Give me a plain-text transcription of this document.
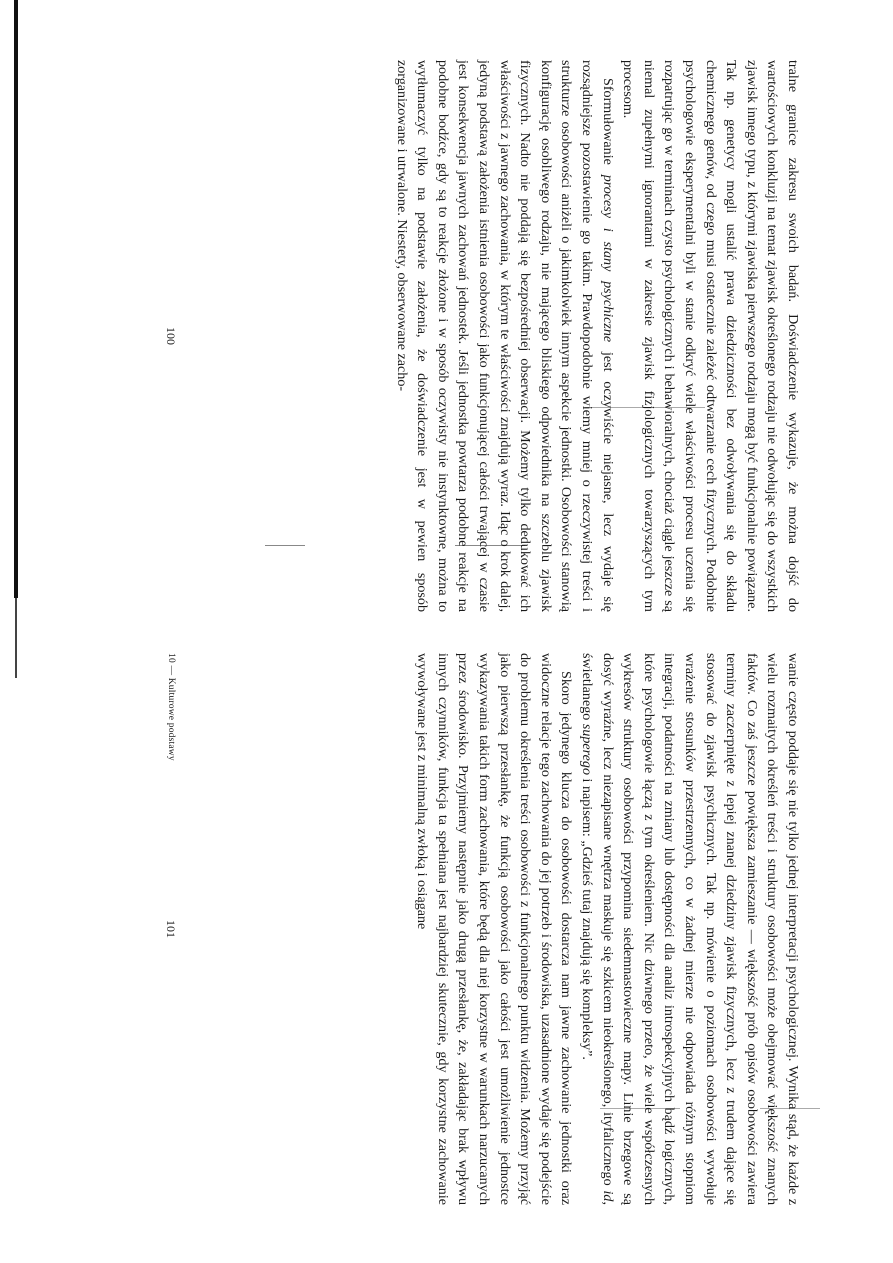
tralne granice zakresu swoich badań. Doświadczenie wykazuje, że można dojść do wartościowych konkluzji na temat zjawisk określonego rodzaju nie odwołując się do wszystkich zjawisk innego typu, z którymi zjawiska pierwszego rodzaju mogą być funkcjonalnie powiązane. Tak np. genetycy mogli ustalić prawa dziedziczności bez odwoływania się do składu chemicznego genów, od czego musi ostatecznie zależeć odtwarzanie cech fizycznych. Podobnie psychologowie eksperymentalni byli w stanie odkryć wiele właściwości procesu uczenia się rozpatrując go w terminach czysto psychologicznych i behawioralnych, chociaż ciągle jeszcze są niemal zupełnymi ignorantami w zakresie zjawisk fizjologicznych towarzyszących tym procesom.

Sformułowanie procesy i stany psychiczne jest oczywiście niejasne, lecz wydaje się rozsądniejsze pozostawienie go takim. Prawdopodobnie wiemy mniej o rzeczywistej treści i strukturze osobowości aniżeli o jakimkolwiek innym aspekcie jednostki. Osobowości stanowią konfigurację osobliwego rodzaju, nie mającego bliskiego odpowiednika na szczeblu zjawisk fizycznych. Nadto nie poddają się bezpośredniej obserwacji. Możemy tylko dedukować ich właściwości z jawnego zachowania, w którym te właściwości znajdują wyraz. Idąc o krok dalej, jedyną podstawą założenia istnienia osobowości jako funkcjonującej całości trwającej w czasie jest konsekwencja jawnych zachowań jednostek. Jeśli jednostka powtarza podobne reakcje na podobne bodźce, gdy są to reakcje złożone i w sposób oczywisty nie instynktowne, można to wytłumaczyć tylko na podstawie założenia, że doświadczenie jest w pewien sposób zorganizowane i utrwalone. Niestety, obserwowane zacho-

100

wanie często poddaje się nie tylko jednej interpretacji psychologicznej. Wynika stąd, że każde z wielu rozmaitych określeń treści i struktury osobowości może obejmować większość znanych faktów. Co zaś jeszcze powiększa zamieszanie — większość prób opisów osobowości zawiera terminy zaczerpnięte z lepiej znanej dziedziny zjawisk fizycznych, lecz z trudem dające się stosować do zjawisk psychicznych. Tak np. mówienie o poziomach osobowości wywołuje wrażenie stosunków przestrzennych, co w żadnej mierze nie odpowiada różnym stopniom integracji, podatności na zmiany lub dostępności dla analiz introspekcyjnych bądź logicznych, które psychologowie łączą z tym określeniem. Nic dziwnego przeto, że wiele współczesnych wykresów struktury osobowości przypomina siedemnastowieczne mapy. Linie brzegowe są dosyć wyraźne, lecz niezapisane wnętrza maskuje się szkicem nieokreślonego, ityfalicznego id, świetlanego superego i napisem: „Gdzieś tutaj znajdują się kompleksy”.

Skoro jedynego klucza do osobowości dostarcza nam jawne zachowanie jednostki oraz widoczne relacje tego zachowania do jej potrzeb i środowiska, uzasadnione wydaje się podejście do problemu określenia treści osobowości z funkcjonalnego punktu widzenia. Możemy przyjąć jako pierwszą przesłankę, że funkcją osobowości jako całości jest umożliwienie jednostce wykazywania takich form zachowania, które będą dla niej korzystne w warunkach narzucanych przez środowisko. Przyjmiemy następnie jako drugą przesłankę, że, zakładając brak wpływu innych czynników, funkcja ta spełniana jest najbardziej skutecznie, gdy korzystne zachowanie wywoływane jest z minimalną zwłoką i osiągane

10 — Kulturowe podstawy
101
